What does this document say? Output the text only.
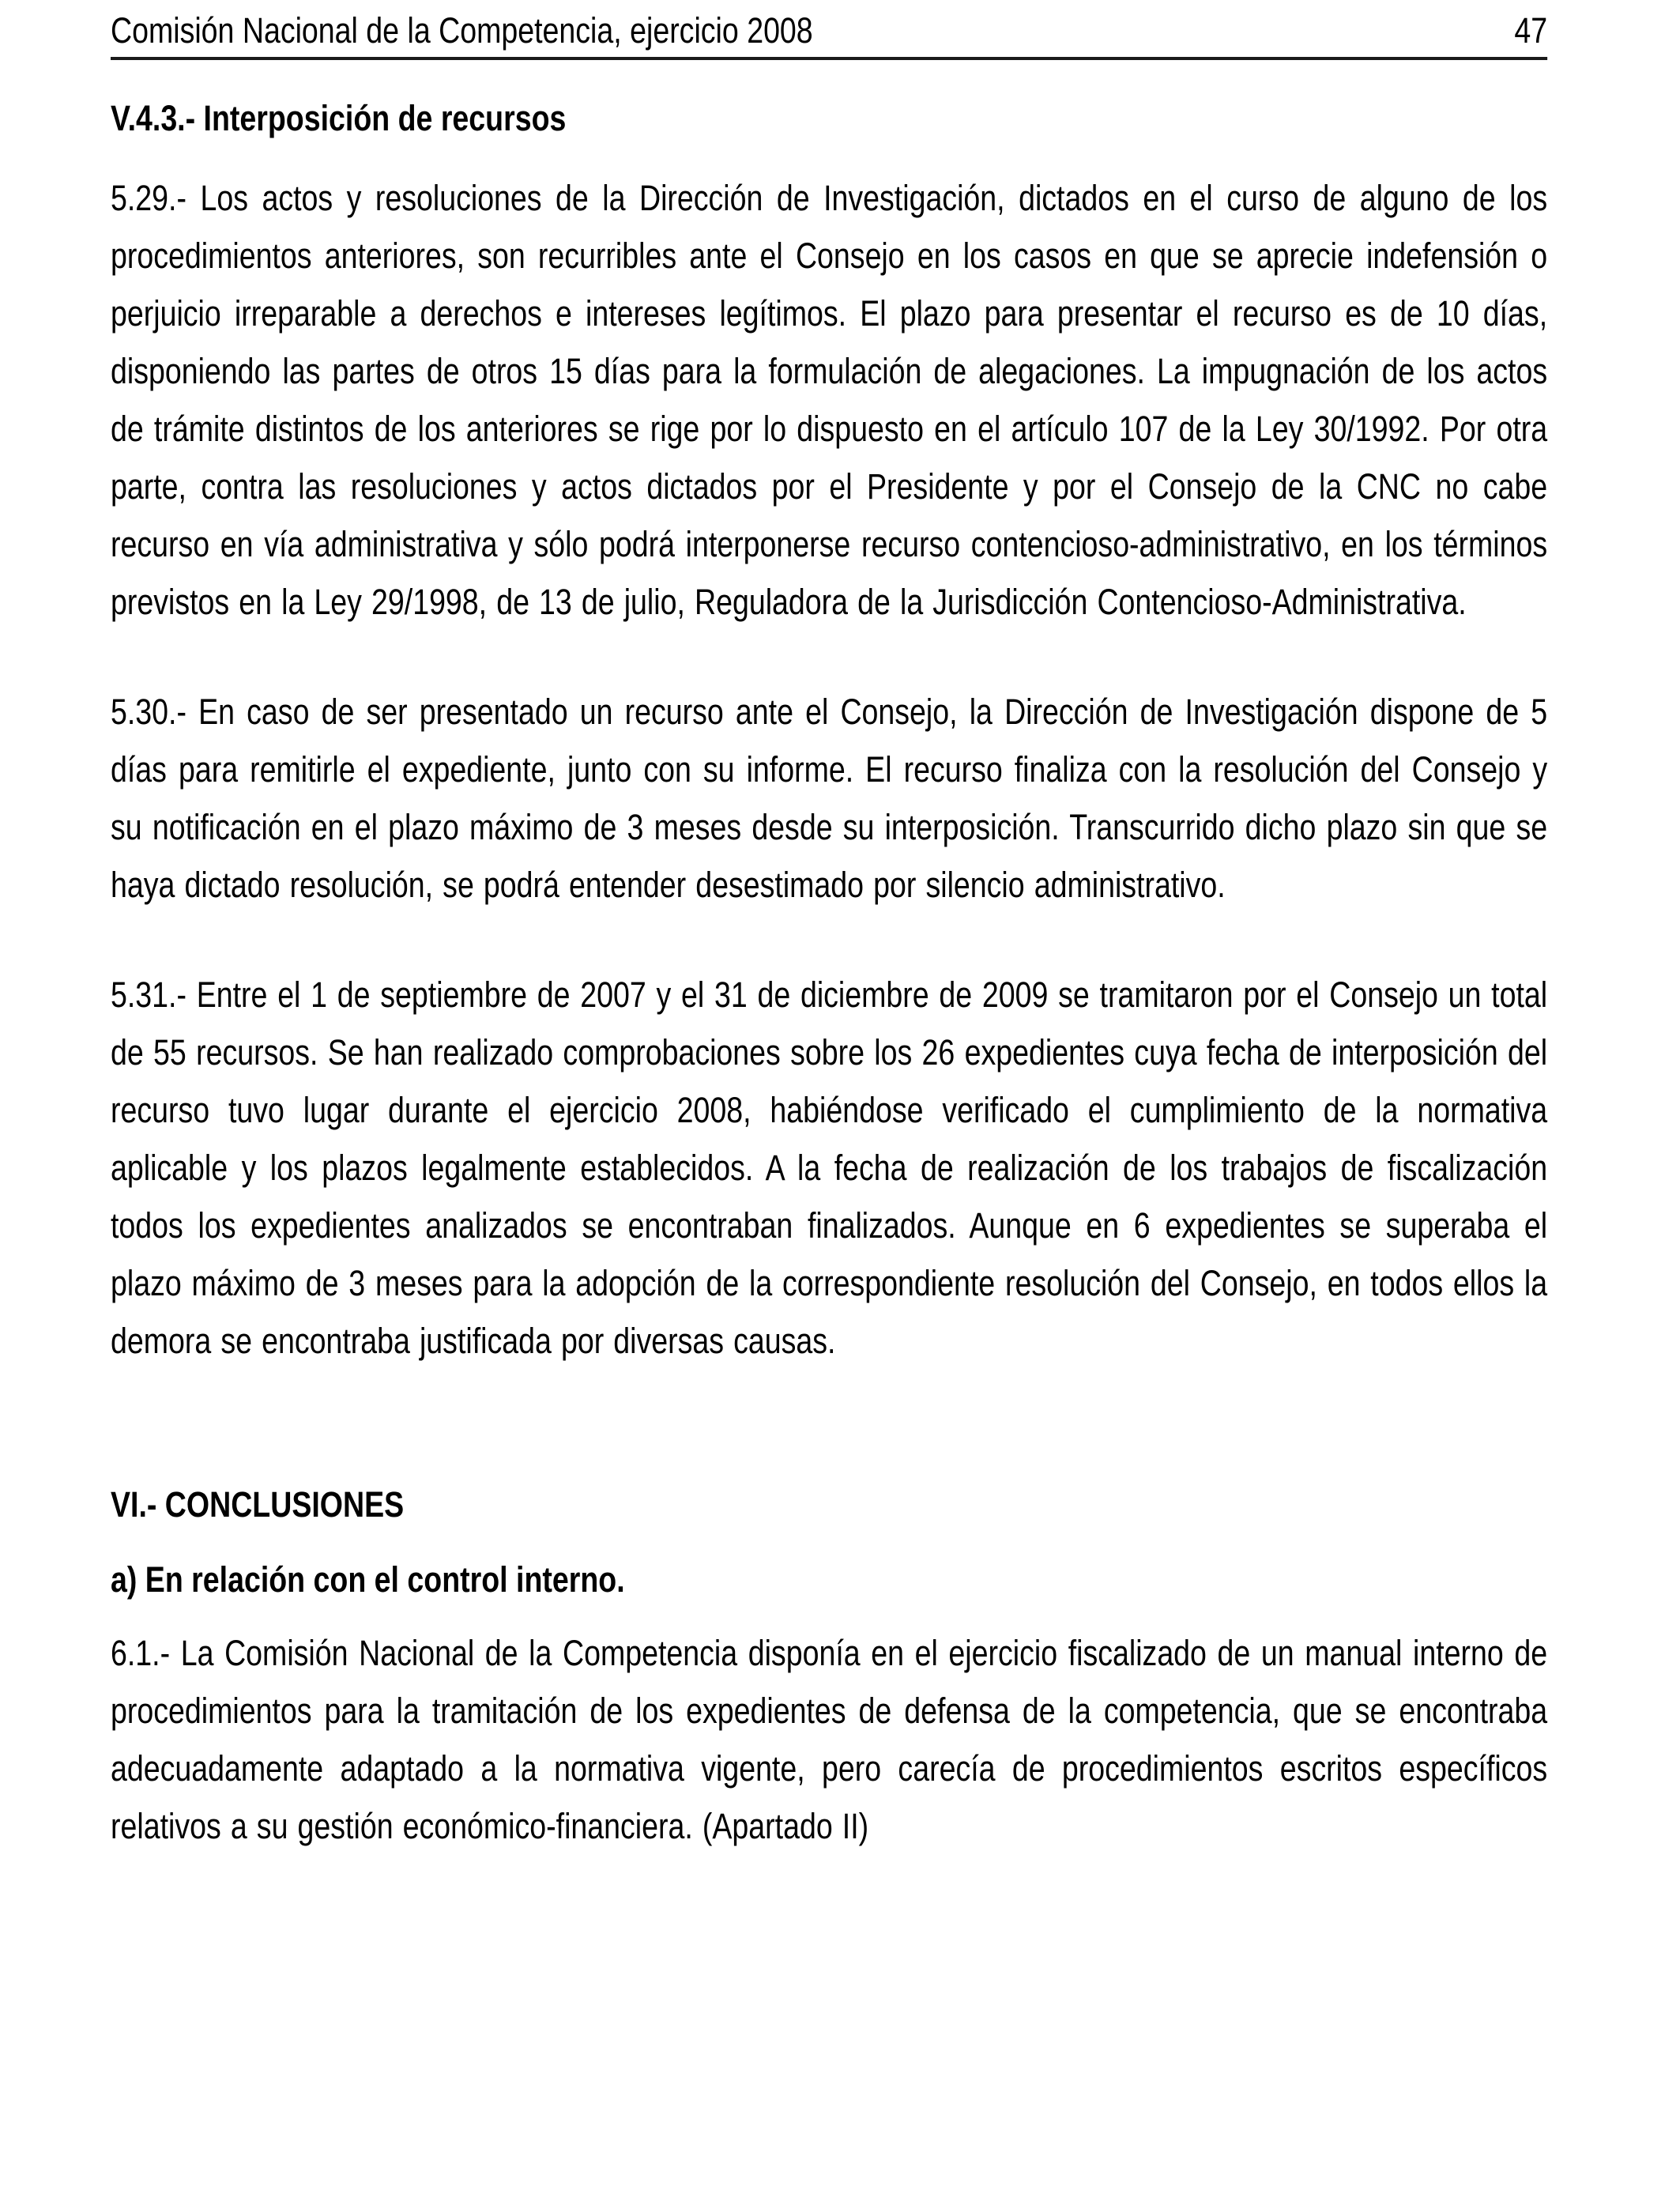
Comisión Nacional de la Competencia, ejercicio 2008	47
V.4.3.- Interposición de recursos

5.29.- Los actos y resoluciones de la Dirección de Investigación, dictados en el curso de alguno de los procedimientos anteriores, son recurribles ante el Consejo en los casos en que se aprecie indefensión o perjuicio irreparable a derechos e intereses legítimos. El plazo para presentar el recurso es de 10 días, disponiendo las partes de otros 15 días para la formulación de alegaciones. La impugnación de los actos de trámite distintos de los anteriores se rige por lo dispuesto en el artículo 107 de la Ley 30/1992. Por otra parte, contra las resoluciones y actos dictados por el Presidente y por el Consejo de la CNC no cabe recurso en vía administrativa y sólo podrá interponerse recurso contencioso-administrativo, en los términos previstos en la Ley 29/1998, de 13 de julio, Reguladora de la Jurisdicción Contencioso-Administrativa.

5.30.- En caso de ser presentado un recurso ante el Consejo, la Dirección de Investigación dispone de 5 días para remitirle el expediente, junto con su informe. El recurso finaliza con la resolución del Consejo y su notificación en el plazo máximo de 3 meses desde su interposición. Transcurrido dicho plazo sin que se haya dictado resolución, se podrá entender desestimado por silencio administrativo.

5.31.- Entre el 1 de septiembre de 2007 y el 31 de diciembre de 2009 se tramitaron por el Consejo un total de 55 recursos. Se han realizado comprobaciones sobre los 26 expedientes cuya fecha de interposición del recurso tuvo lugar durante el ejercicio 2008, habiéndose verificado el cumplimiento de la normativa aplicable y los plazos legalmente establecidos. A la fecha de realización de los trabajos de fiscalización todos los expedientes analizados se encontraban finalizados. Aunque en 6 expedientes se superaba el plazo máximo de 3 meses para la adopción de la correspondiente resolución del Consejo, en todos ellos la demora se encontraba justificada por diversas causas.

VI.- CONCLUSIONES
a) En relación con el control interno.

6.1.- La Comisión Nacional de la Competencia disponía en el ejercicio fiscalizado de un manual interno de procedimientos para la tramitación de los expedientes de defensa de la competencia, que se encontraba adecuadamente adaptado a la normativa vigente, pero carecía de procedimientos escritos específicos relativos a su gestión económico-financiera. (Apartado II)
